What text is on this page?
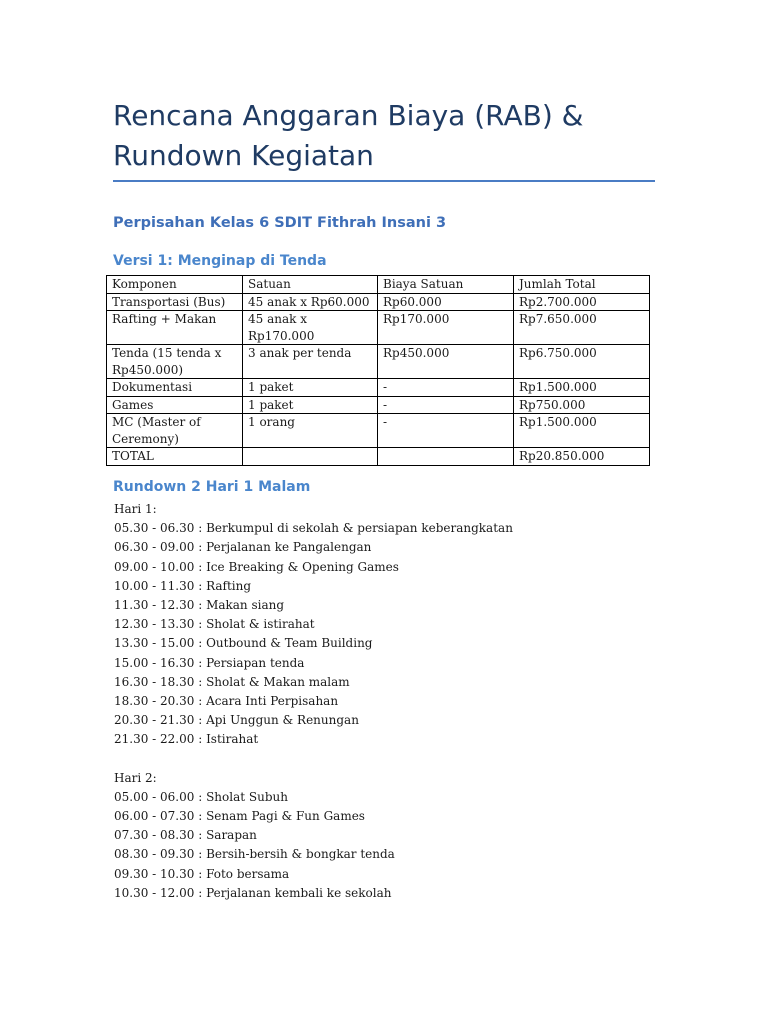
Rencana Anggaran Biaya (RAB) &
Rundown Kegiatan
Perpisahan Kelas 6 SDIT Fithrah Insani 3
Versi 1: Menginap di Tenda
Komponen	Satuan	Biaya Satuan	Jumlah Total
Transportasi (Bus)	45 anak x Rp60.000	Rp60.000	Rp2.700.000
Rafting + Makan	45 anak x Rp170.000	Rp170.000	Rp7.650.000
Tenda (15 tenda x Rp450.000)	3 anak per tenda	Rp450.000	Rp6.750.000
Dokumentasi	1 paket	-	Rp1.500.000
Games	1 paket	-	Rp750.000
MC (Master of Ceremony)	1 orang	-	Rp1.500.000
TOTAL			Rp20.850.000
Rundown 2 Hari 1 Malam
Hari 1:
05.30 - 06.30 : Berkumpul di sekolah & persiapan keberangkatan
06.30 - 09.00 : Perjalanan ke Pangalengan
09.00 - 10.00 : Ice Breaking & Opening Games
10.00 - 11.30 : Rafting
11.30 - 12.30 : Makan siang
12.30 - 13.30 : Sholat & istirahat
13.30 - 15.00 : Outbound & Team Building
15.00 - 16.30 : Persiapan tenda
16.30 - 18.30 : Sholat & Makan malam
18.30 - 20.30 : Acara Inti Perpisahan
20.30 - 21.30 : Api Unggun & Renungan
21.30 - 22.00 : Istirahat
Hari 2:
05.00 - 06.00 : Sholat Subuh
06.00 - 07.30 : Senam Pagi & Fun Games
07.30 - 08.30 : Sarapan
08.30 - 09.30 : Bersih-bersih & bongkar tenda
09.30 - 10.30 : Foto bersama
10.30 - 12.00 : Perjalanan kembali ke sekolah
